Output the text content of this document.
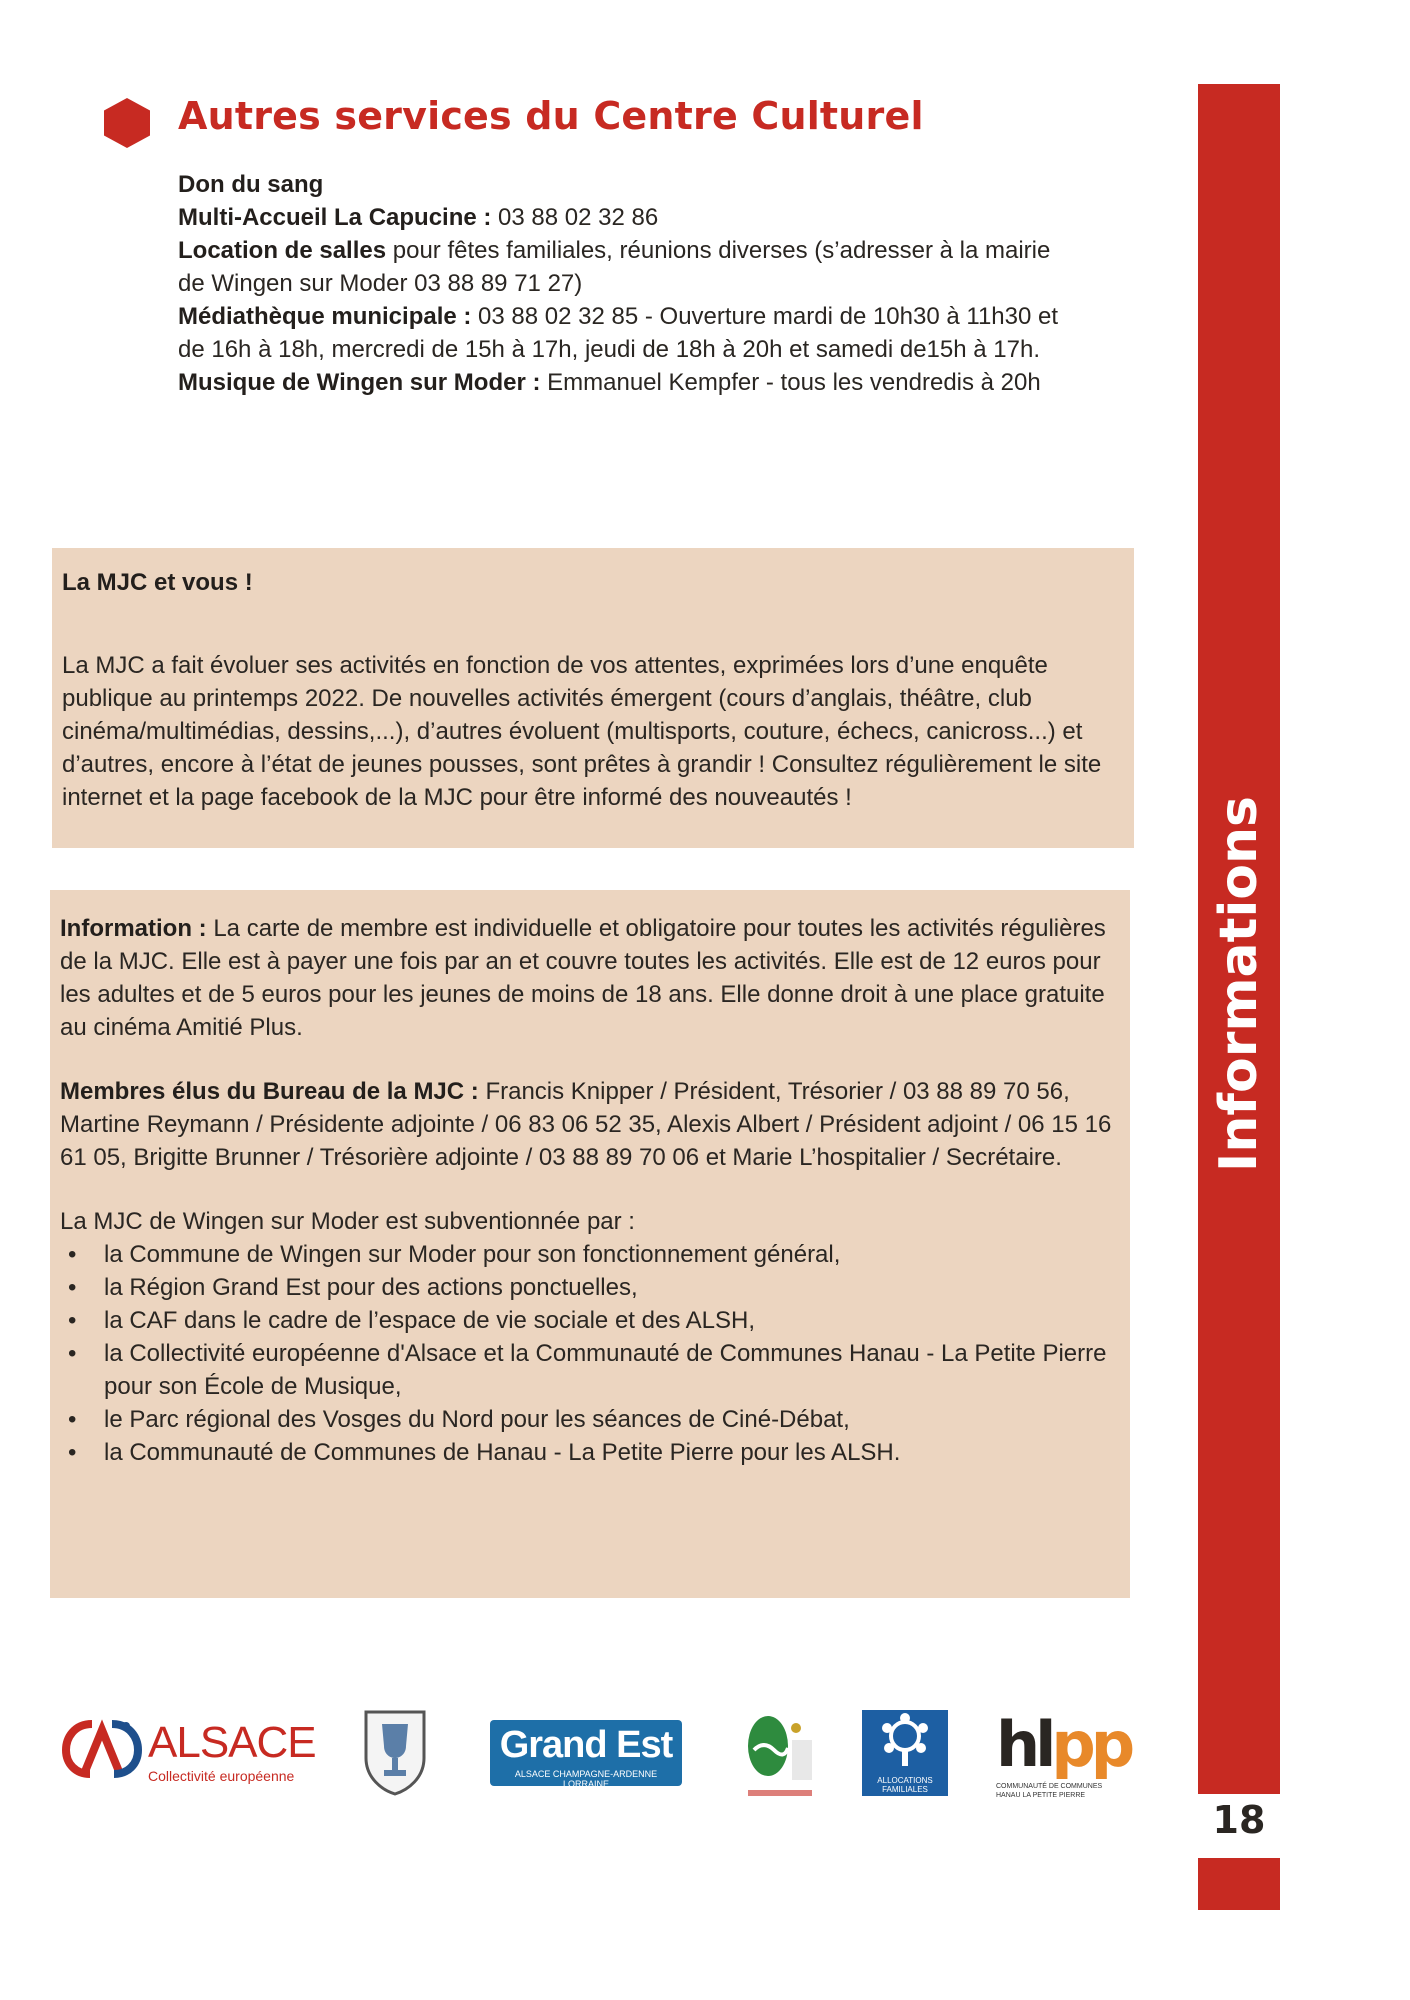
Autres services du Centre Culturel

Don du sang

Multi-Accueil La Capucine : 03 88 02 32 86

Location de salles pour fêtes familiales, réunions diverses (s’adresser à la mairie de Wingen sur Moder 03 88 89 71 27)

Médiathèque municipale : 03 88 02 32 85 - Ouverture mardi de 10h30 à 11h30 et de 16h à 18h, mercredi de 15h à 17h, jeudi de 18h à 20h et samedi de15h à 17h.

Musique de Wingen sur Moder : Emmanuel Kempfer - tous les vendredis à 20h

La MJC et vous !

La MJC a fait évoluer ses activités en fonction de vos attentes, exprimées lors d’une enquête publique au printemps 2022. De nouvelles activités émergent (cours d’anglais, théâtre, club cinéma/multimédias, dessins,...), d’autres évoluent (multisports, couture, échecs, canicross...) et d’autres, encore à l’état de jeunes pousses, sont prêtes à grandir ! Consultez régulièrement le site internet et la page facebook de la MJC pour être informé des nouveautés !

Information : La carte de membre est individuelle et obligatoire pour toutes les activités régulières de la MJC. Elle est à payer une fois par an et couvre toutes les activités. Elle est de 12 euros pour les adultes et de 5 euros pour les jeunes de moins de 18 ans. Elle donne droit à une place gratuite au cinéma Amitié Plus.

Membres élus du Bureau de la MJC : Francis Knipper / Président, Trésorier / 03 88 89 70 56, Martine Reymann / Présidente adjointe / 06 83 06 52 35, Alexis Albert / Président adjoint / 06 15 16 61 05, Brigitte Brunner / Trésorière adjointe / 03 88 89 70 06 et Marie L’hospitalier / Secrétaire.

La MJC de Wingen sur Moder est subventionnée par :

• la Commune de Wingen sur Moder pour son fonctionnement général,
• la Région Grand Est pour des actions ponctuelles,
• la CAF dans le cadre de l’espace de vie sociale et des ALSH,
• la Collectivité européenne d'Alsace et la Communauté de Communes Hanau - La Petite Pierre pour son École de Musique,
• le Parc régional des Vosges du Nord pour les séances de Ciné-Débat,
• la Communauté de Communes de Hanau - La Petite Pierre pour les ALSH.
Informations
18
ALSACE
Collectivité européenne
Grand Est
ALSACE CHAMPAGNE-ARDENNE LORRAINE	ALLOCATIONS FAMILIALES
hlpp
COMMUNAUTÉ DE COMMUNES HANAU LA PETITE PIERRE
